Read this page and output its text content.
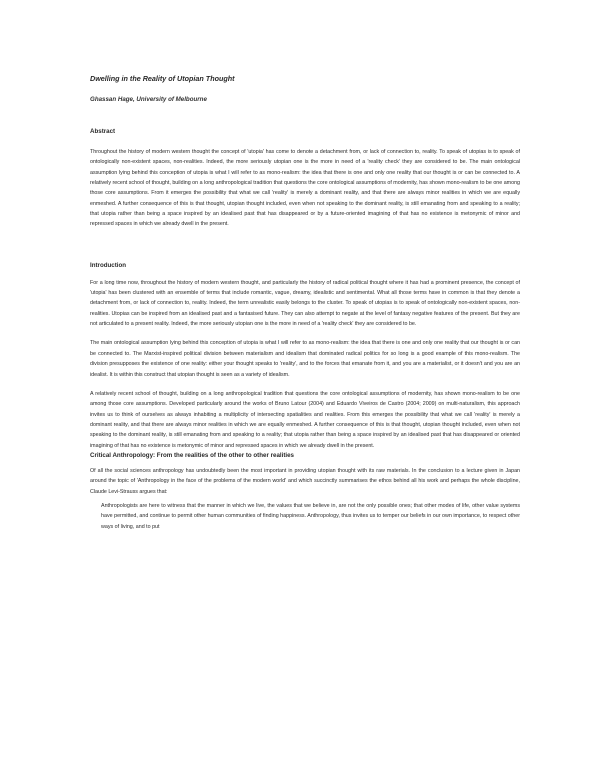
Dwelling in the Reality of Utopian Thought

Ghassan Hage, University of Melbourne

Abstract

Throughout the history of modern western thought the concept of 'utopia' has come to denote a detachment from, or lack of connection to, reality. To speak of utopias is to speak of ontologically non-existent spaces, non-realities. Indeed, the more seriously utopian one is the more in need of a 'reality check' they are considered to be. The main ontological assumption lying behind this conception of utopia is what I will refer to as mono-realism: the idea that there is one and only one reality that our thought is or can be connected to. A relatively recent school of thought, building on a long anthropological tradition that questions the core ontological assumptions of modernity, has shown mono-realism to be one among those core assumptions. From it emerges the possibility that what we call 'reality' is merely a dominant reality, and that there are always minor realities in which we are equally enmeshed. A further consequence of this is that thought, utopian thought included, even when not speaking to the dominant reality, is still emanating from and speaking to a reality; that utopia rather than being a space inspired by an idealised past that has disappeared or by a future-oriented imagining of that has no existence is metonymic of minor and repressed spaces in which we already dwell in the present.

Introduction

For a long time now, throughout the history of modern western thought, and particularly the history of radical political thought where it has had a prominent presence, the concept of 'utopia' has been clustered with an ensemble of terms that include romantic, vague, dreamy, idealistic and sentimental. What all those terms have in common is that they denote a detachment from, or lack of connection to, reality. Indeed, the term unrealistic easily belongs to the cluster. To speak of utopias is to speak of ontologically non-existent spaces, non-realities. Utopias can be inspired from an idealised past and a fantasised future. They can also attempt to negate at the level of fantasy negative features of the present. But they are not articulated to a present reality. Indeed, the more seriously utopian one is the more in need of a 'reality check' they are considered to be.

The main ontological assumption lying behind this conception of utopia is what I will refer to as mono-realism: the idea that there is one and only one reality that our thought is or can be connected to. The Marxist-inspired political division between materialism and idealism that dominated radical politics for so long is a good example of this mono-realism. The division presupposes the existence of one reality: either your thought speaks to 'reality', and to the forces that emanate from it, and you are a materialist, or it doesn't and you are an idealist. It is within this construct that utopian thought is seen as a variety of idealism.

A relatively recent school of thought, building on a long anthropological tradition that questions the core ontological assumptions of modernity, has shown mono-realism to be one among those core assumptions. Developed particularly around the works of Bruno Latour (2004) and Eduardo Viveiros de Castro (2004; 2009) on multi-naturalism, this approach invites us to think of ourselves as always inhabiting a multiplicity of intersecting spatialities and realities. From this emerges the possibility that what we call 'reality' is merely a dominant reality, and that there are always minor realities in which we are equally enmeshed. A further consequence of this is that thought, utopian thought included, even when not speaking to the dominant reality, is still emanating from and speaking to a reality; that utopia rather than being a space inspired by an idealised past that has disappeared or oriented imagining of that has no existence is metonymic of minor and repressed spaces in which we already dwell in the present.

Critical Anthropology: From the realities of the other to other realities

Of all the social sciences anthropology has undoubtedly been the most important in providing utopian thought with its raw materials. In the conclusion to a lecture given in Japan around the topic of 'Anthropology in the face of the problems of the modern world' and which succinctly summarises the ethos behind all his work and perhaps the whole discipline, Claude Levi-Strauss argues that:

Anthropologists are here to witness that the manner in which we live, the values that we believe in, are not the only possible ones; that other modes of life, other value systems have permitted, and continue to permit other human communities of finding happiness. Anthropology, thus invites us to temper our beliefs in our own importance, to respect other ways of living, and to put
